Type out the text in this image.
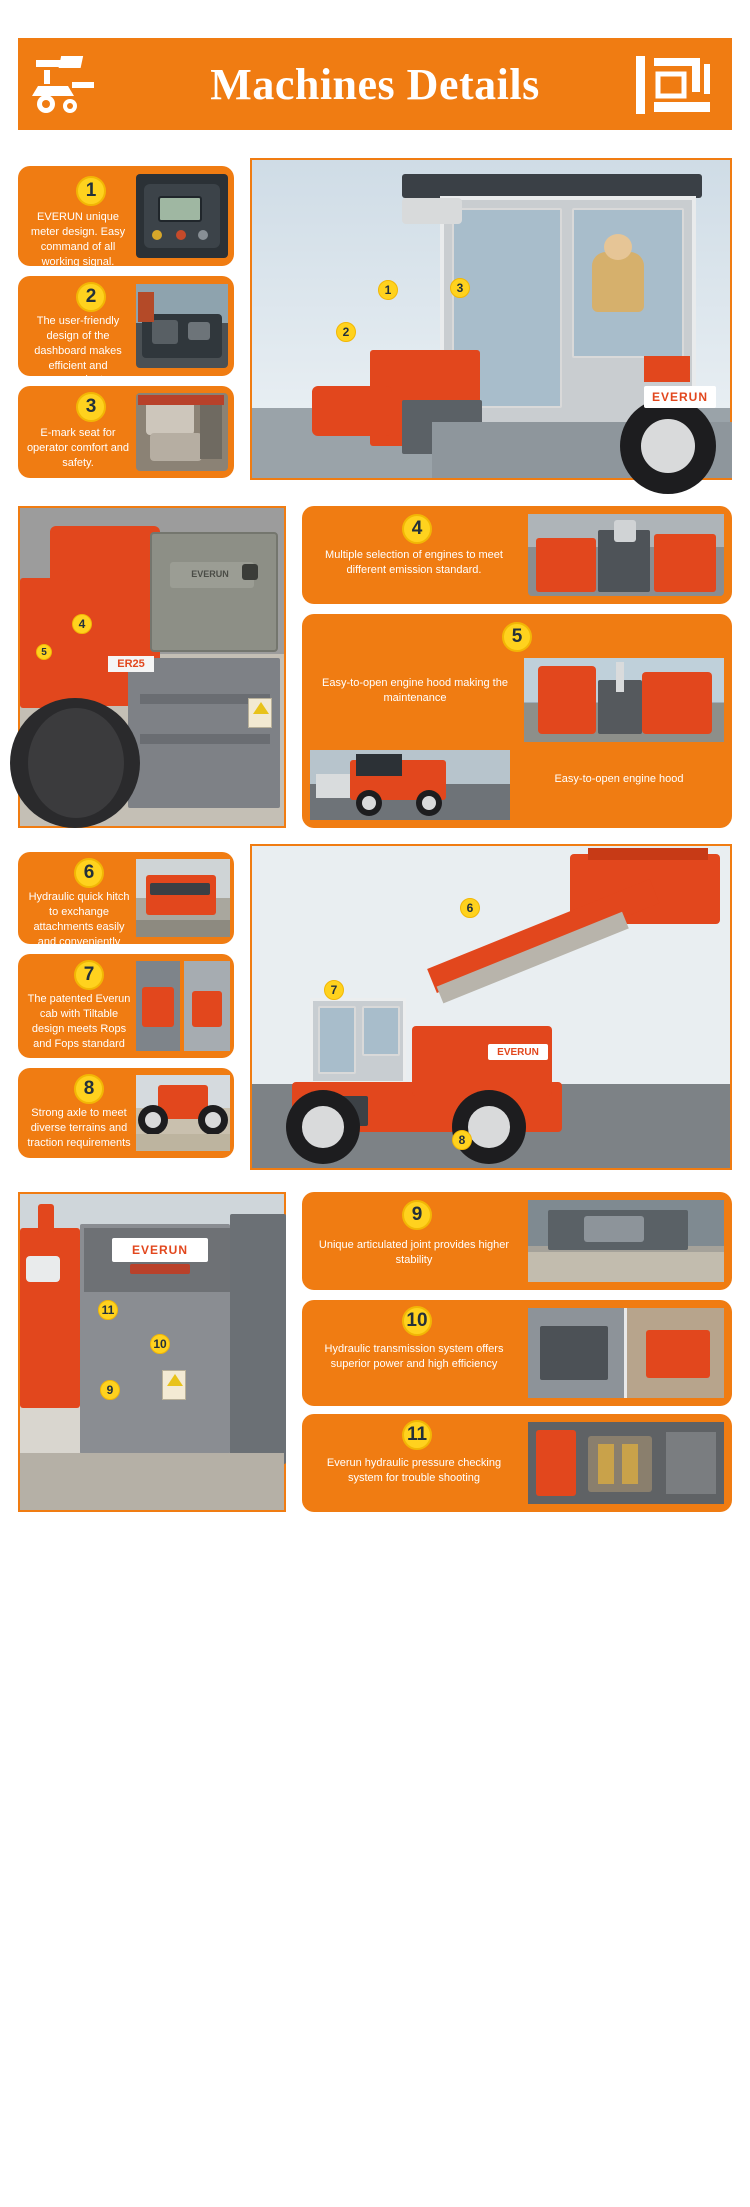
Machines Details
1
EVERUN unique meter design. Easy command of all working signal.
2
The user-friendly design of the dashboard makes efficient and convenient.
3
E-mark seat for operator comfort and safety.
EVERUN
1
2
3
EVERUN
ER25
4
5
4
Multiple selection of engines to meet different emission standard.
5
Easy-to-open engine hood making the maintenance
Easy-to-open engine hood
6
Hydraulic quick hitch to exchange attachments easily and conveniently
7
The patented Everun cab with Tiltable design meets Rops and Fops standard
8
Strong axle to meet diverse terrains and traction requirements
EVERUN
6
7
8
EVERUN
11
10
9
9
Unique articulated joint provides higher stability
10
Hydraulic transmission system offers superior power and high efficiency
11
Everun hydraulic pressure checking system for trouble shooting
